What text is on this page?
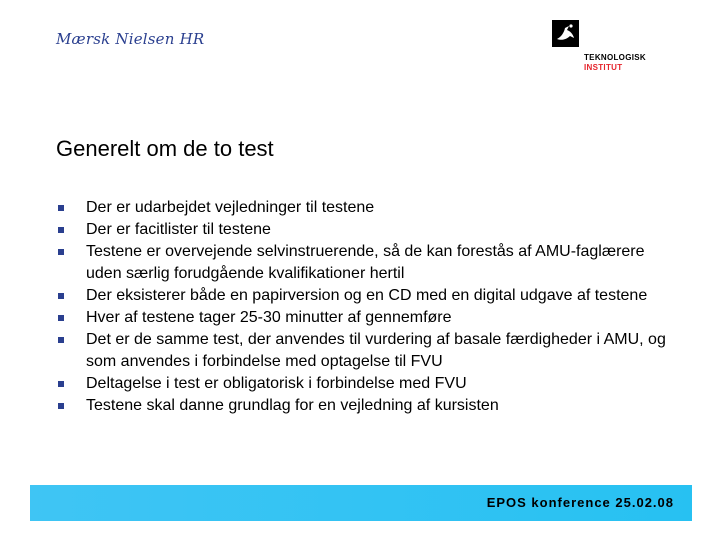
Mærsk Nielsen HR
TEKNOLOGISK
INSTITUT
Generelt om de to test
Der er udarbejdet vejledninger til testene
Der er facitlister til testene
Testene er overvejende selvinstruerende, så de kan forestås af AMU-faglærere uden særlig forudgående kvalifikationer hertil
Der eksisterer både en papirversion og en CD med en digital udgave af testene
Hver af testene tager 25-30 minutter af gennemføre
Det er de samme test, der anvendes til vurdering af basale færdigheder i AMU, og som anvendes i forbindelse med optagelse til FVU
Deltagelse i test er obligatorisk i forbindelse med FVU
Testene skal danne grundlag for en vejledning af kursisten
EPOS konference 25.02.08
